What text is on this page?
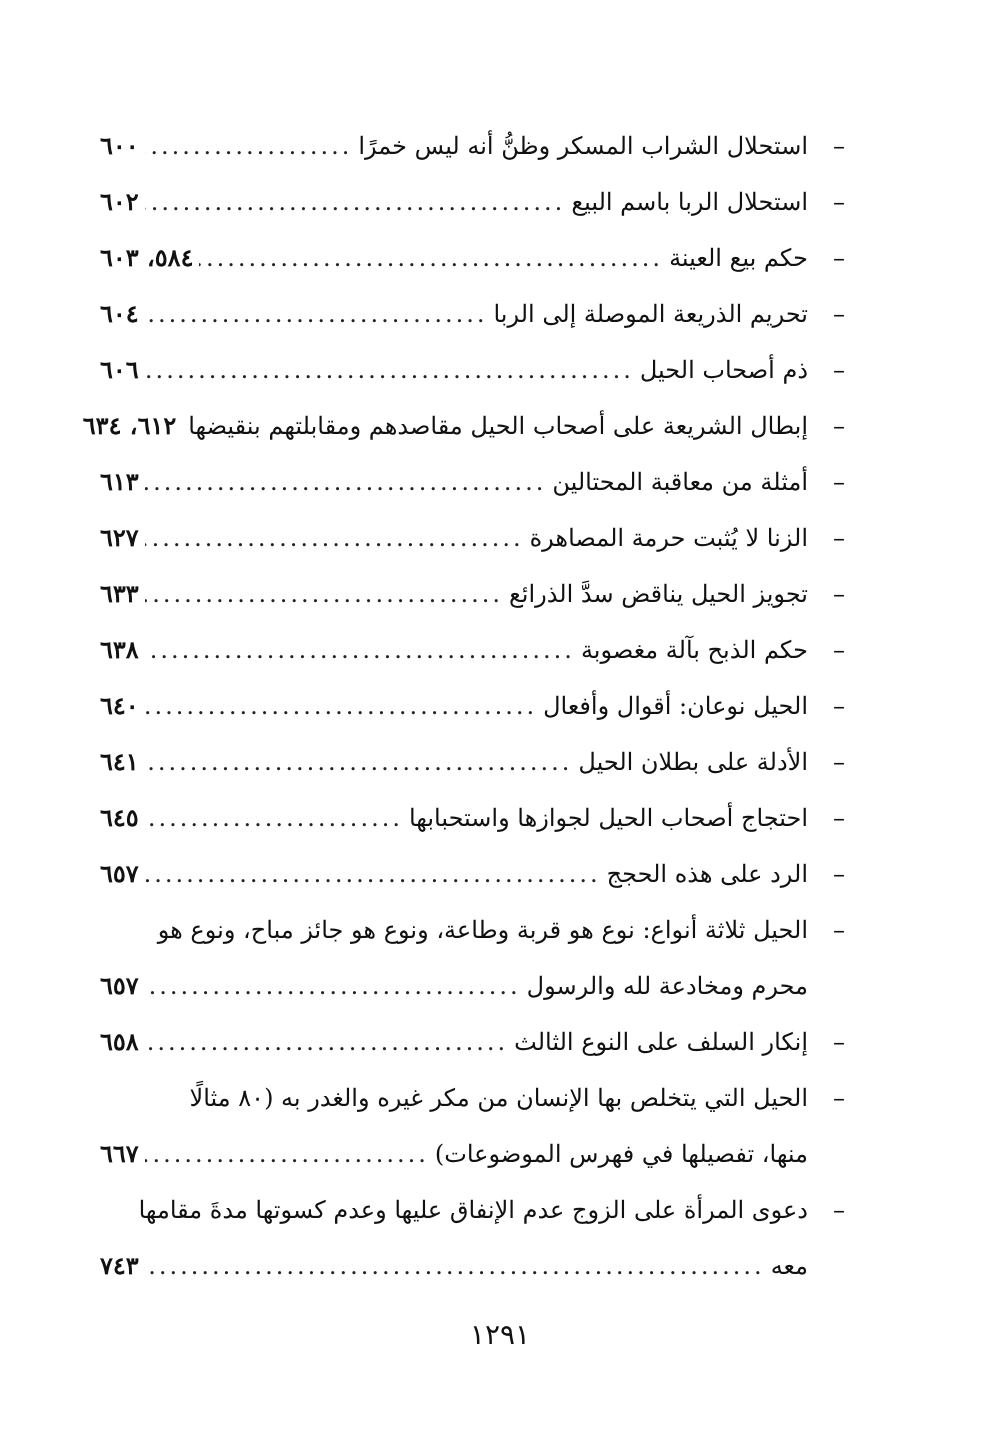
–
استحلال الشراب المسكر وظنُّ أنه ليس خمرًا
.....
٦٠٠
–
استحلال الربا باسم البيع
.....
٦٠٢
–
حكم بيع العينة
.....
٥٨٤، ٦٠٣
–
تحريم الذريعة الموصلة إلى الربا
.....
٦٠٤
–
ذم أصحاب الحيل
.....
٦٠٦
–
إبطال الشريعة على أصحاب الحيل مقاصدهم ومقابلتهم بنقيضها
٦١٢، ٦٣٤
–
أمثلة من معاقبة المحتالين
.....
٦١٣
–
الزنا لا يُثبت حرمة المصاهرة
.....
٦٢٧
–
تجويز الحيل يناقض سدَّ الذرائع
.....
٦٣٣
–
حكم الذبح بآلة مغصوبة
.....
٦٣٨
–
الحيل نوعان: أقوال وأفعال
.....
٦٤٠
–
الأدلة على بطلان الحيل
.....
٦٤١
–
احتجاج أصحاب الحيل لجوازها واستحبابها
.....
٦٤٥
–
الرد على هذه الحجج
.....
٦٥٧
–
الحيل ثلاثة أنواع: نوع هو قربة وطاعة، ونوع هو جائز مباح، ونوع هو
محرم ومخادعة لله والرسول
.....
٦٥٧
–
إنكار السلف على النوع الثالث
.....
٦٥٨
–
الحيل التي يتخلص بها الإنسان من مكر غيره والغدر به (٨٠ مثالًا
منها، تفصيلها في فهرس الموضوعات)
.....
٦٦٧
–
دعوى المرأة على الزوج عدم الإنفاق عليها وعدم كسوتها مدةَ مقامها
معه
.....
٧٤٣
١٢٩١
